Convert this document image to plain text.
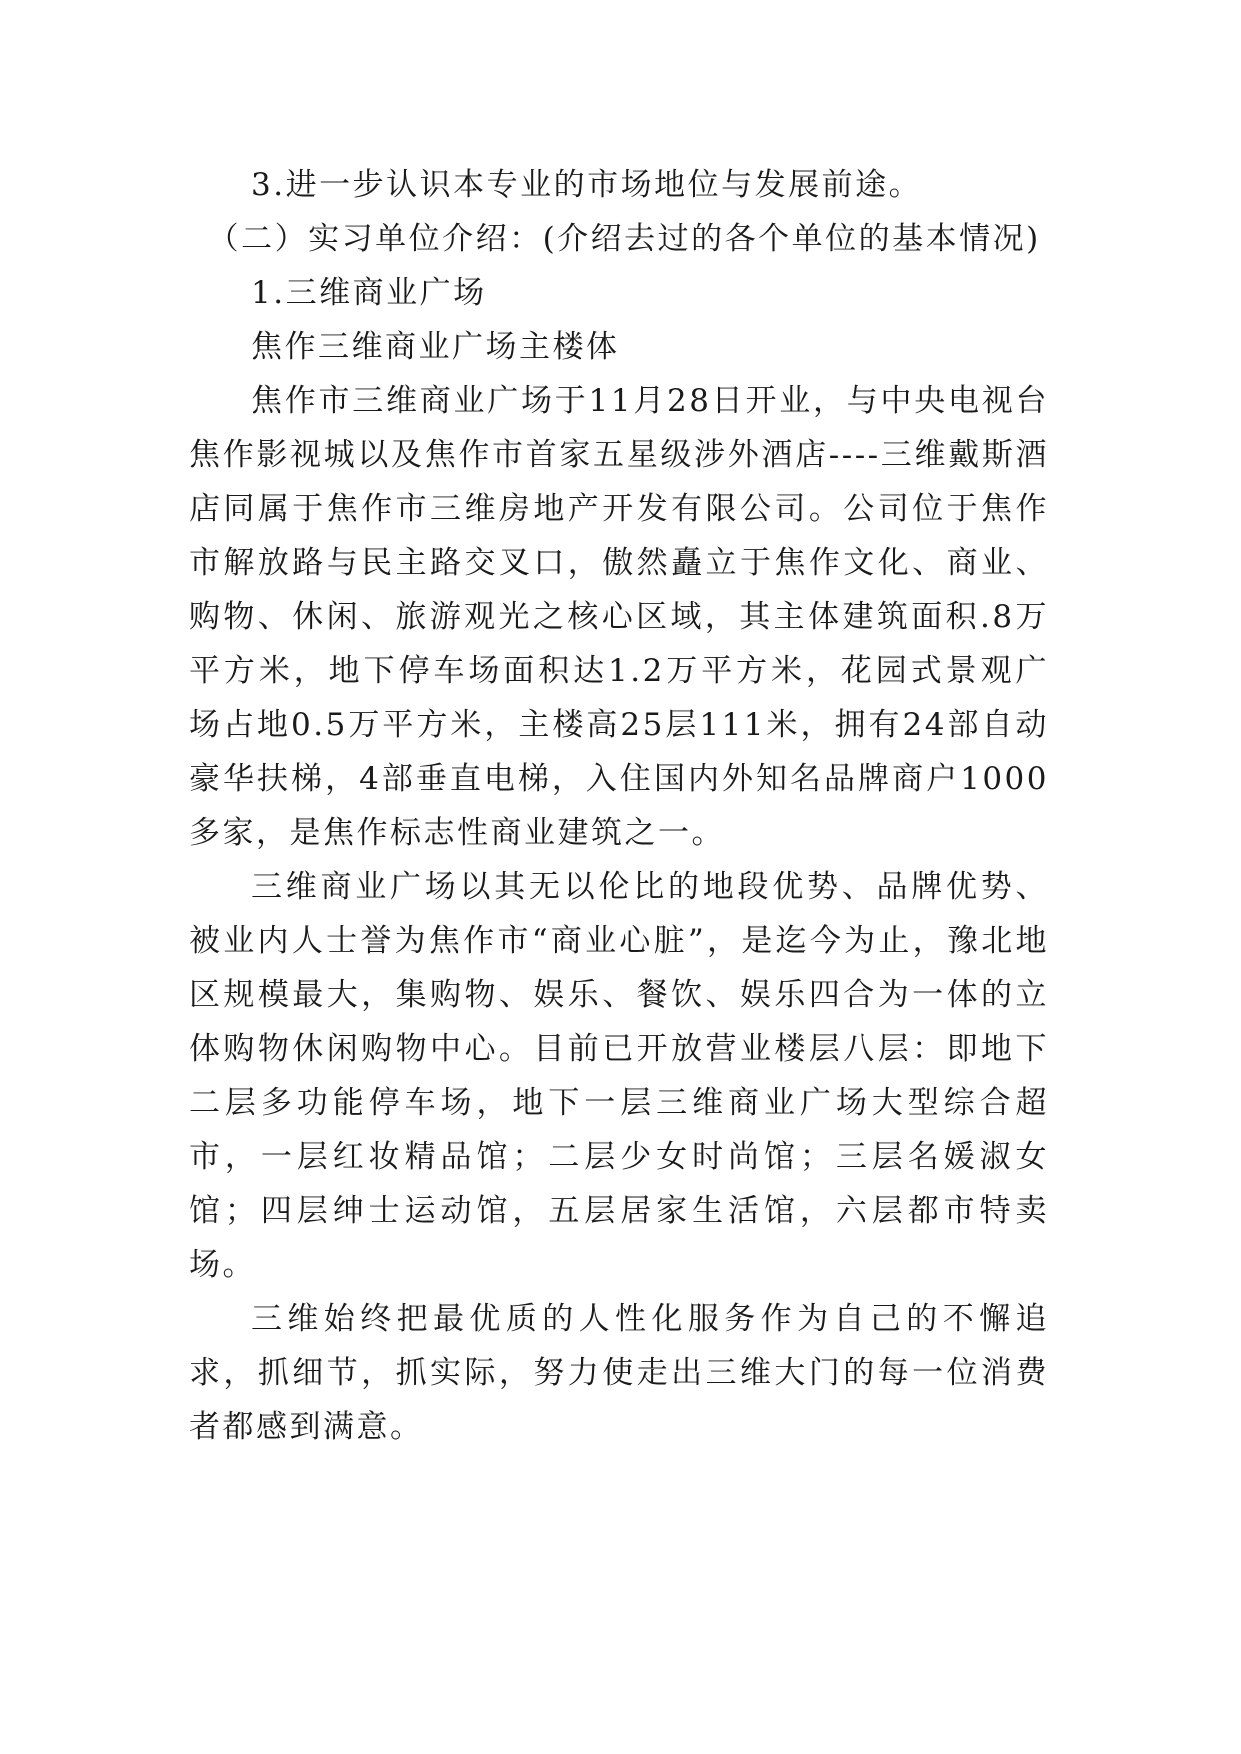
3.进一步认识本专业的市场地位与发展前途。

（二）实习单位介绍：(介绍去过的各个单位的基本情况)

1.三维商业广场

焦作三维商业广场主楼体

焦作市三维商业广场于11月28日开业，与中央电视台焦作影视城以及焦作市首家五星级涉外酒店----三维戴斯酒店同属于焦作市三维房地产开发有限公司。公司位于焦作市解放路与民主路交叉口，傲然矗立于焦作文化、商业、购物、休闲、旅游观光之核心区域，其主体建筑面积.8万平方米，地下停车场面积达1.2万平方米，花园式景观广场占地0.5万平方米，主楼高25层111米，拥有24部自动豪华扶梯，4部垂直电梯，入住国内外知名品牌商户1000多家，是焦作标志性商业建筑之一。

三维商业广场以其无以伦比的地段优势、品牌优势、被业内人士誉为焦作市“商业心脏”，是迄今为止，豫北地区规模最大，集购物、娱乐、餐饮、娱乐四合为一体的立体购物休闲购物中心。目前已开放营业楼层八层：即地下二层多功能停车场，地下一层三维商业广场大型综合超市，一层红妆精品馆；二层少女时尚馆；三层名媛淑女馆；四层绅士运动馆，五层居家生活馆，六层都市特卖场。

三维始终把最优质的人性化服务作为自己的不懈追求，抓细节，抓实际，努力使走出三维大门的每一位消费者都感到满意。
